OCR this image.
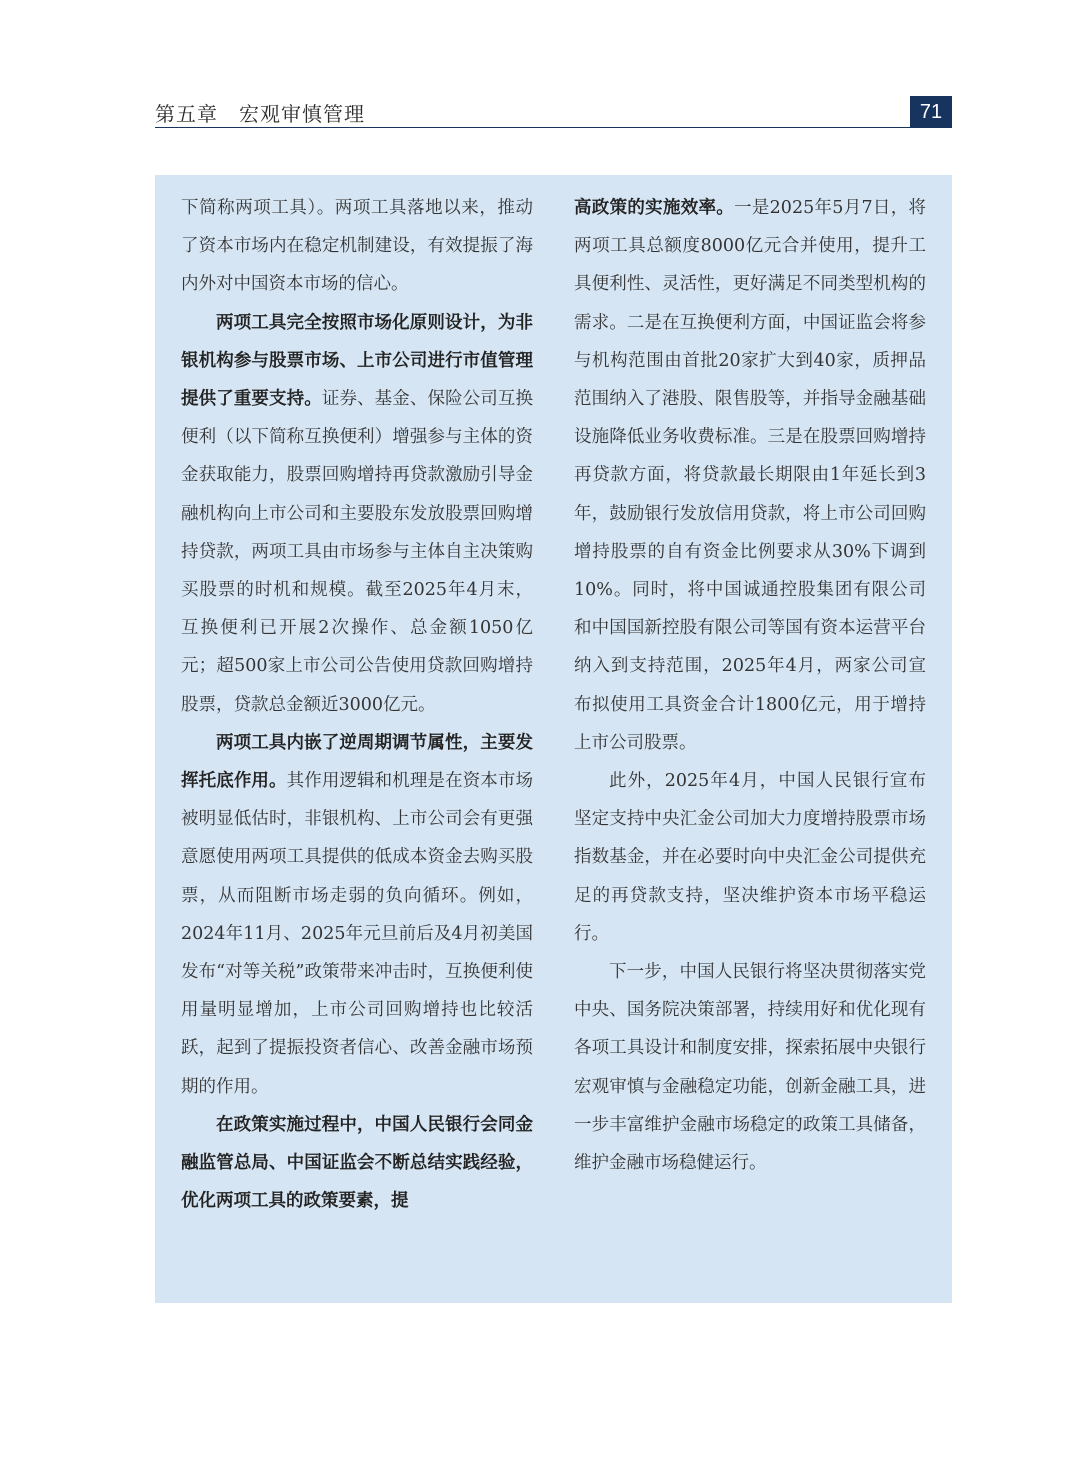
第五章　宏观审慎管理	71

下简称两项工具）。两项工具落地以来，推动了资本市场内在稳定机制建设，有效提振了海内外对中国资本市场的信心。

两项工具完全按照市场化原则设计，为非银机构参与股票市场、上市公司进行市值管理提供了重要支持。证券、基金、保险公司互换便利（以下简称互换便利）增强参与主体的资金获取能力，股票回购增持再贷款激励引导金融机构向上市公司和主要股东发放股票回购增持贷款，两项工具由市场参与主体自主决策购买股票的时机和规模。截至2025年4月末，互换便利已开展2次操作、总金额1050亿元；超500家上市公司公告使用贷款回购增持股票，贷款总金额近3000亿元。

两项工具内嵌了逆周期调节属性，主要发挥托底作用。其作用逻辑和机理是在资本市场被明显低估时，非银机构、上市公司会有更强意愿使用两项工具提供的低成本资金去购买股票，从而阻断市场走弱的负向循环。例如，2024年11月、2025年元旦前后及4月初美国发布“对等关税”政策带来冲击时，互换便利使用量明显增加，上市公司回购增持也比较活跃，起到了提振投资者信心、改善金融市场预期的作用。

在政策实施过程中，中国人民银行会同金融监管总局、中国证监会不断总结实践经验，优化两项工具的政策要素，提

高政策的实施效率。一是2025年5月7日，将两项工具总额度8000亿元合并使用，提升工具便利性、灵活性，更好满足不同类型机构的需求。二是在互换便利方面，中国证监会将参与机构范围由首批20家扩大到40家，质押品范围纳入了港股、限售股等，并指导金融基础设施降低业务收费标准。三是在股票回购增持再贷款方面，将贷款最长期限由1年延长到3年，鼓励银行发放信用贷款，将上市公司回购增持股票的自有资金比例要求从30%下调到10%。同时，将中国诚通控股集团有限公司和中国国新控股有限公司等国有资本运营平台纳入到支持范围，2025年4月，两家公司宣布拟使用工具资金合计1800亿元，用于增持上市公司股票。

此外，2025年4月，中国人民银行宣布坚定支持中央汇金公司加大力度增持股票市场指数基金，并在必要时向中央汇金公司提供充足的再贷款支持，坚决维护资本市场平稳运行。

下一步，中国人民银行将坚决贯彻落实党中央、国务院决策部署，持续用好和优化现有各项工具设计和制度安排，探索拓展中央银行宏观审慎与金融稳定功能，创新金融工具，进一步丰富维护金融市场稳定的政策工具储备，维护金融市场稳健运行。
